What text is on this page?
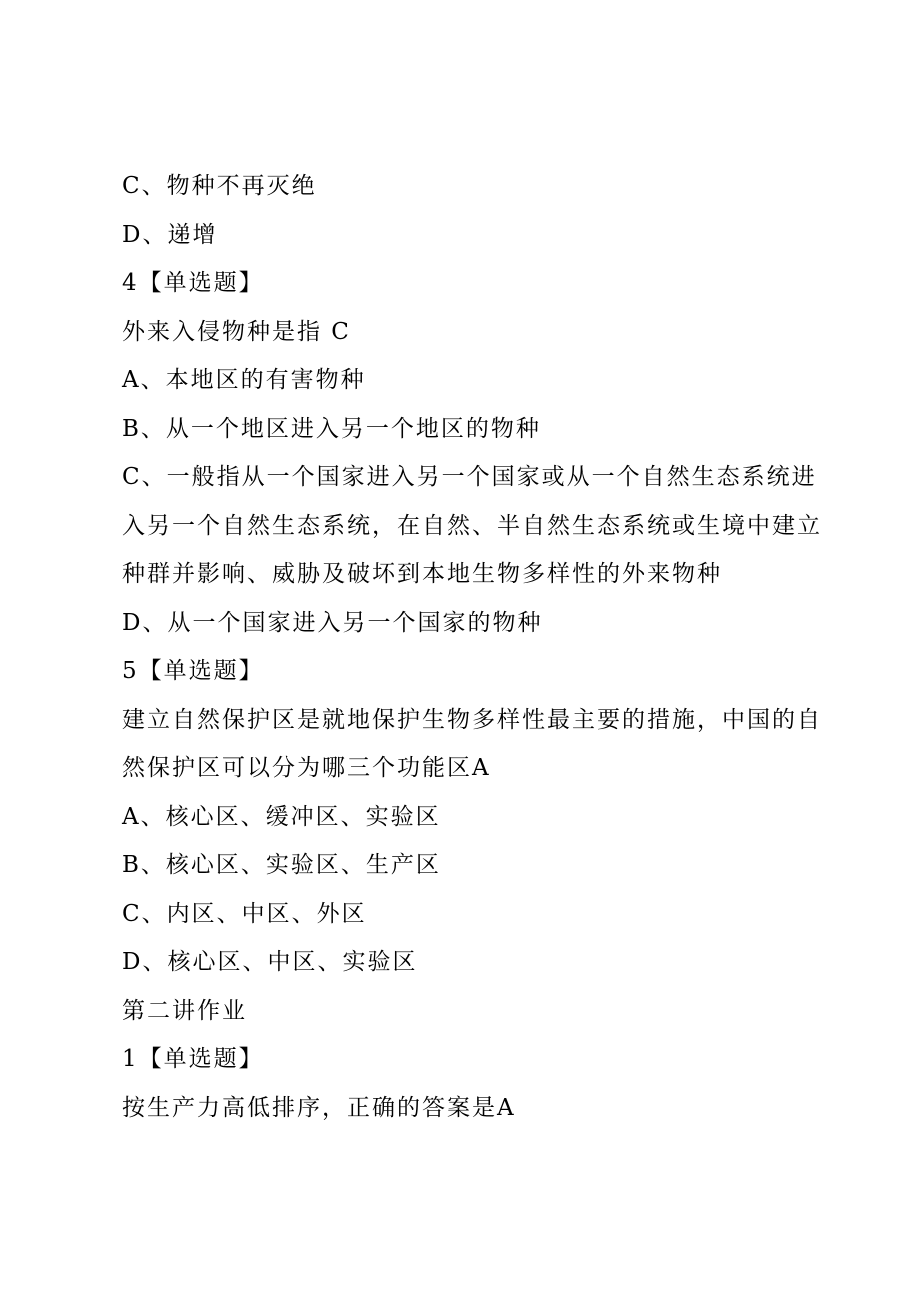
C、物种不再灭绝

D、递增

4【单选题】

外来入侵物种是指 C

A、本地区的有害物种

B、从一个地区进入另一个地区的物种

C、一般指从一个国家进入另一个国家或从一个自然生态系统进

入另一个自然生态系统，在自然、半自然生态系统或生境中建立

种群并影响、威胁及破坏到本地生物多样性的外来物种

D、从一个国家进入另一个国家的物种

5【单选题】

建立自然保护区是就地保护生物多样性最主要的措施，中国的自

然保护区可以分为哪三个功能区A

A、核心区、缓冲区、实验区

B、核心区、实验区、生产区

C、内区、中区、外区

D、核心区、中区、实验区

第二讲作业

1【单选题】

按生产力高低排序，正确的答案是A
